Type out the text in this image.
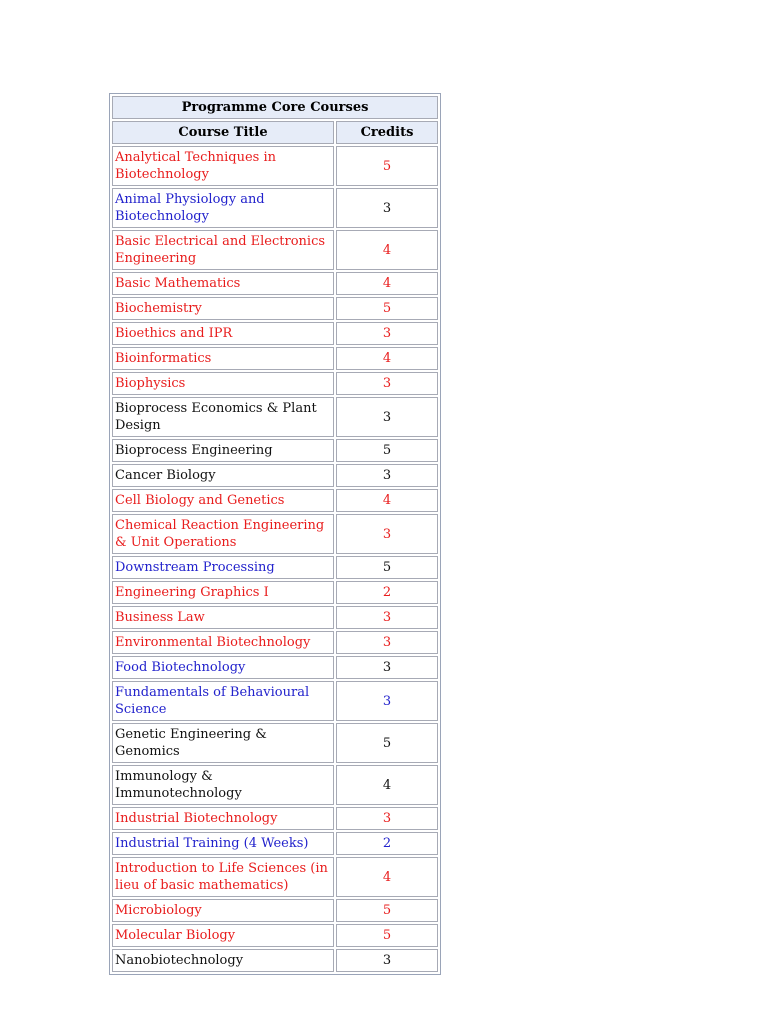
Programme Core Courses	
Course Title	Credits
Analytical Techniques in Biotechnology	5
Animal Physiology and Biotechnology	3
Basic Electrical and Electronics Engineering	4
Basic Mathematics	4
Biochemistry	5
Bioethics and IPR	3
Bioinformatics	4
Biophysics	3
Bioprocess Economics & Plant Design	3
Bioprocess Engineering	5
Cancer Biology	3
Cell Biology and Genetics	4
Chemical Reaction Engineering & Unit Operations	3
Downstream Processing	5
Engineering Graphics I	2
Business Law	3
Environmental Biotechnology	3
Food Biotechnology	3
Fundamentals of Behavioural Science	3
Genetic Engineering & Genomics	5
Immunology & Immunotechnology	4
Industrial Biotechnology	3
Industrial Training (4 Weeks)	2
Introduction to Life Sciences (in lieu of basic mathematics)	4
Microbiology	5
Molecular Biology	5
Nanobiotechnology	3
